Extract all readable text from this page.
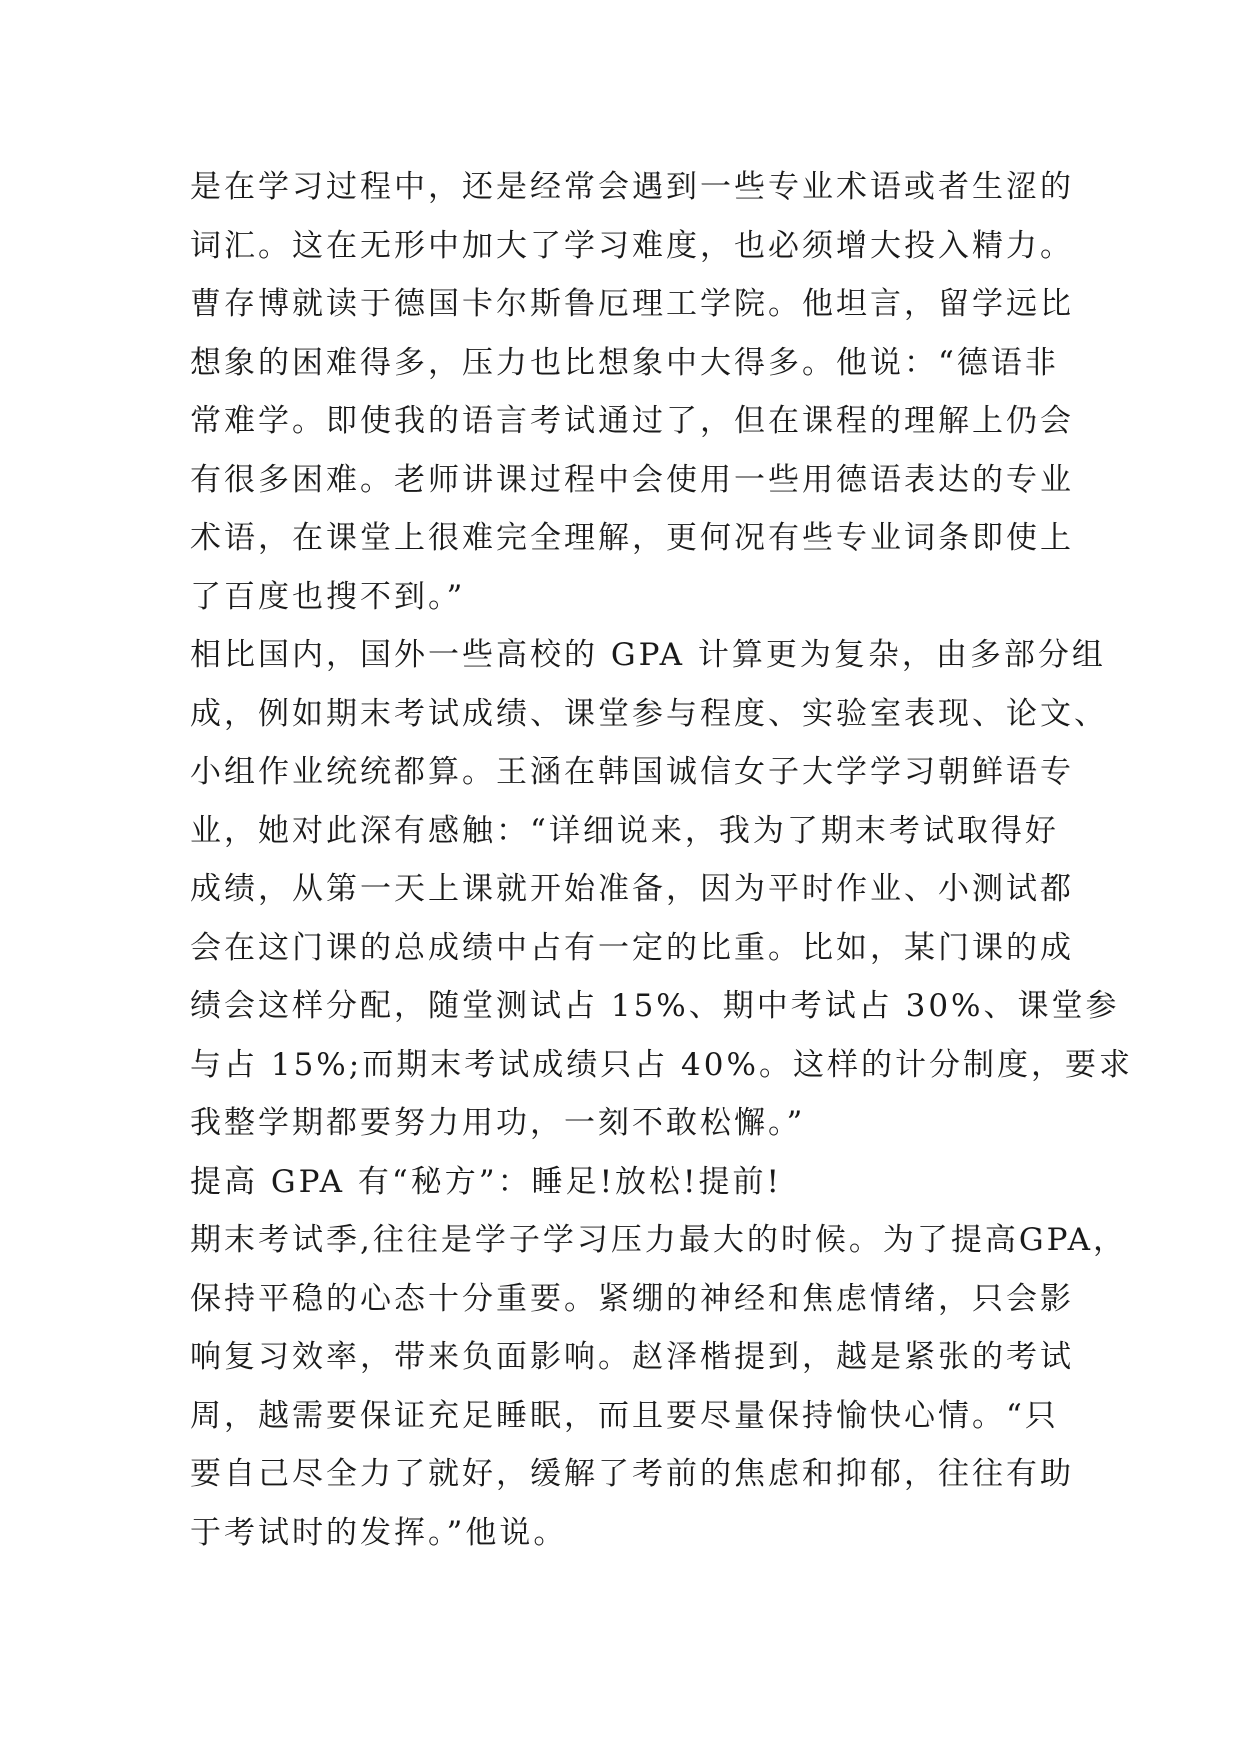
是在学习过程中，还是经常会遇到一些专业术语或者生涩的
词汇。这在无形中加大了学习难度，也必须增大投入精力。
曹存博就读于德国卡尔斯鲁厄理工学院。他坦言，留学远比
想象的困难得多，压力也比想象中大得多。他说：“德语非
常难学。即使我的语言考试通过了，但在课程的理解上仍会
有很多困难。老师讲课过程中会使用一些用德语表达的专业
术语，在课堂上很难完全理解，更何况有些专业词条即使上
了百度也搜不到。”
相比国内，国外一些高校的 GPA 计算更为复杂，由多部分组
成，例如期末考试成绩、课堂参与程度、实验室表现、论文、
小组作业统统都算。王涵在韩国诚信女子大学学习朝鲜语专
业，她对此深有感触：“详细说来，我为了期末考试取得好
成绩，从第一天上课就开始准备，因为平时作业、小测试都
会在这门课的总成绩中占有一定的比重。比如，某门课的成
绩会这样分配，随堂测试占 15%、期中考试占 30%、课堂参
与占 15%;而期末考试成绩只占 40%。这样的计分制度，要求
我整学期都要努力用功，一刻不敢松懈。”
提高 GPA 有“秘方”：睡足!放松!提前!
期末考试季,往往是学子学习压力最大的时候。为了提高GPA，
保持平稳的心态十分重要。紧绷的神经和焦虑情绪，只会影
响复习效率，带来负面影响。赵泽楷提到，越是紧张的考试
周，越需要保证充足睡眠，而且要尽量保持愉快心情。“只
要自己尽全力了就好，缓解了考前的焦虑和抑郁，往往有助
于考试时的发挥。”他说。
